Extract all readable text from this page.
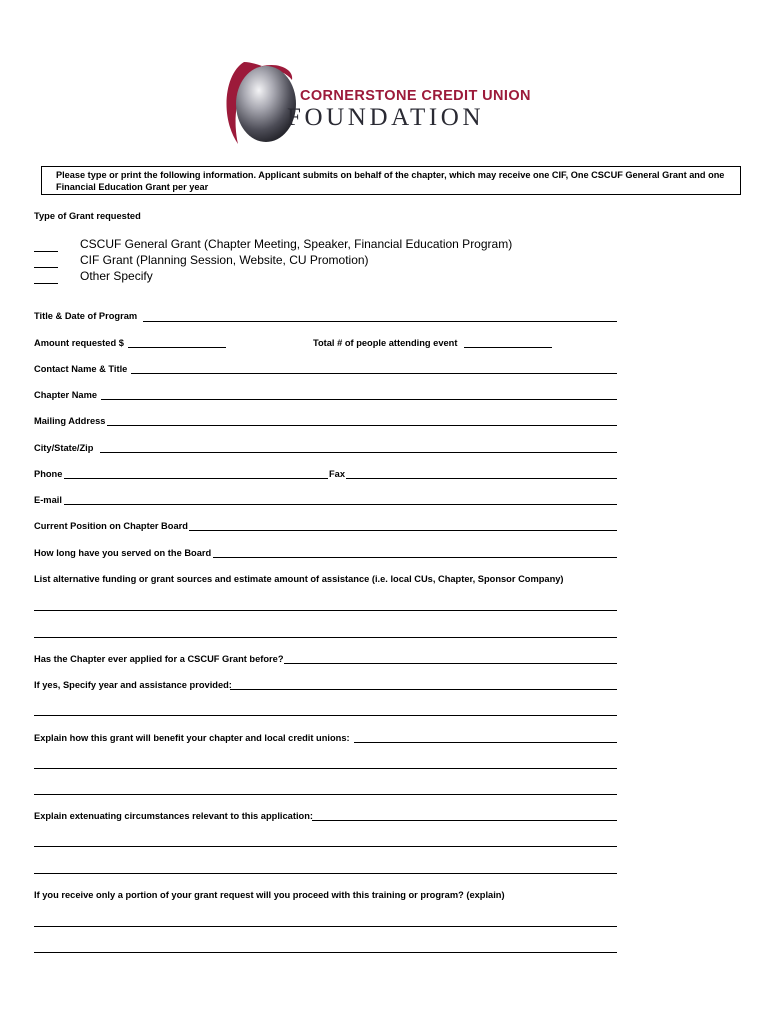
CORNERSTONE CREDIT UNION
FOUNDATION
Please type or print the following information. Applicant submits on behalf of the chapter, which may receive one CIF, One CSCUF General Grant and one Financial Education Grant per year
Type of Grant requested
CSCUF General Grant (Chapter Meeting, Speaker, Financial Education Program)
CIF Grant (Planning Session, Website, CU Promotion)
Other Specify
Title & Date of Program
Amount requested $	Total # of people attending event
Contact Name & Title
Chapter Name
Mailing Address
City/State/Zip
Phone	Fax
E-mail
Current Position on Chapter Board
How long have you served on the Board
List alternative funding or grant sources and estimate amount of assistance (i.e. local CUs, Chapter, Sponsor Company)
Has the Chapter ever applied for a CSCUF Grant before?
If yes, Specify year and assistance provided:
Explain how this grant will benefit your chapter and local credit unions:
Explain extenuating circumstances relevant to this application:
If you receive only a portion of your grant request will you proceed with this training or program? (explain)
